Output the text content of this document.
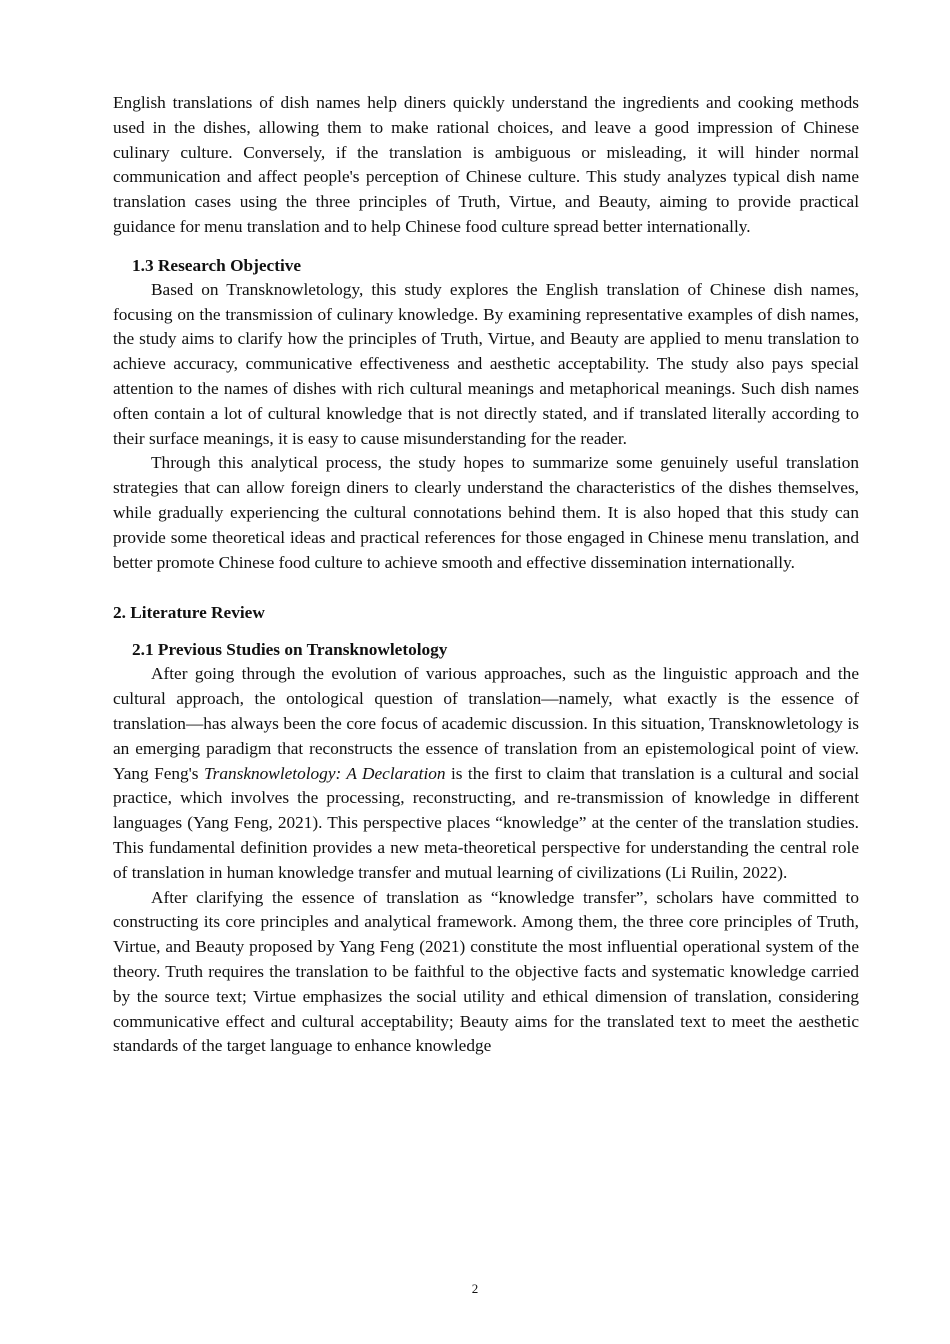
English translations of dish names help diners quickly understand the ingredients and cooking methods used in the dishes, allowing them to make rational choices, and leave a good impression of Chinese culinary culture. Conversely, if the translation is ambiguous or misleading, it will hinder normal communication and affect people's perception of Chinese culture. This study analyzes typical dish name translation cases using the three principles of Truth, Virtue, and Beauty, aiming to provide practical guidance for menu translation and to help Chinese food culture spread better internationally.

1.3 Research Objective

Based on Transknowletology, this study explores the English translation of Chinese dish names, focusing on the transmission of culinary knowledge. By examining representative examples of dish names, the study aims to clarify how the principles of Truth, Virtue, and Beauty are applied to menu translation to achieve accuracy, communicative effectiveness and aesthetic acceptability. The study also pays special attention to the names of dishes with rich cultural meanings and metaphorical meanings. Such dish names often contain a lot of cultural knowledge that is not directly stated, and if translated literally according to their surface meanings, it is easy to cause misunderstanding for the reader.

Through this analytical process, the study hopes to summarize some genuinely useful translation strategies that can allow foreign diners to clearly understand the characteristics of the dishes themselves, while gradually experiencing the cultural connotations behind them. It is also hoped that this study can provide some theoretical ideas and practical references for those engaged in Chinese menu translation, and better promote Chinese food culture to achieve smooth and effective dissemination internationally.

2. Literature Review
2.1 Previous Studies on Transknowletology

After going through the evolution of various approaches, such as the linguistic approach and the cultural approach, the ontological question of translation—namely, what exactly is the essence of translation—has always been the core focus of academic discussion. In this situation, Transknowletology is an emerging paradigm that reconstructs the essence of translation from an epistemological point of view. Yang Feng's Transknowletology: A Declaration is the first to claim that translation is a cultural and social practice, which involves the processing, reconstructing, and re-transmission of knowledge in different languages (Yang Feng, 2021). This perspective places “knowledge” at the center of the translation studies. This fundamental definition provides a new meta-theoretical perspective for understanding the central role of translation in human knowledge transfer and mutual learning of civilizations (Li Ruilin, 2022).

After clarifying the essence of translation as “knowledge transfer”, scholars have committed to constructing its core principles and analytical framework. Among them, the three core principles of Truth, Virtue, and Beauty proposed by Yang Feng (2021) constitute the most influential operational system of the theory. Truth requires the translation to be faithful to the objective facts and systematic knowledge carried by the source text; Virtue emphasizes the social utility and ethical dimension of translation, considering communicative effect and cultural acceptability; Beauty aims for the translated text to meet the aesthetic standards of the target language to enhance knowledge

2
